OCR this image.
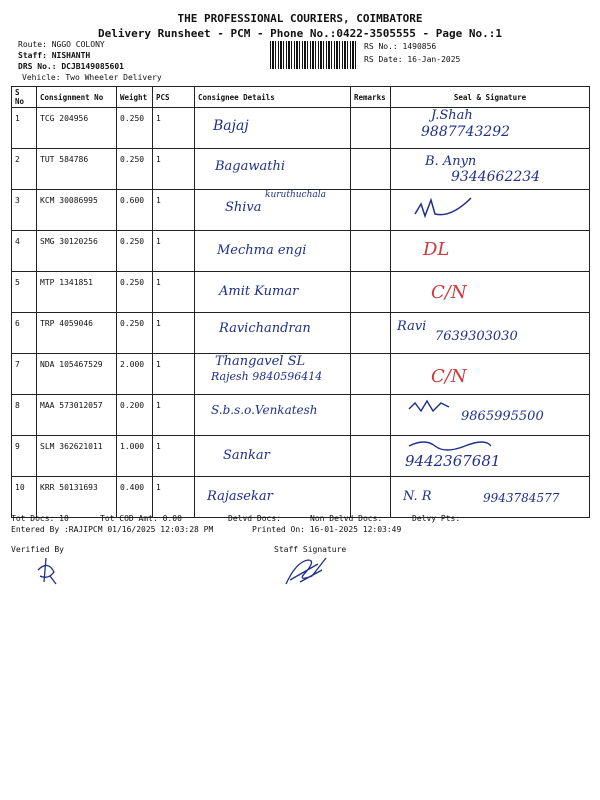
THE PROFESSIONAL COURIERS, COIMBATORE
Delivery Runsheet - PCM - Phone No.:0422-3505555 - Page No.:1
Route: NGGO COLONY
Staff: NISHANTH
DRS No.: DCJB149085601
Vehicle: Two Wheeler Delivery
RS No.: 1490856
RS Date: 16-Jan-2025
S No	Consignment No	Weight	PCS	Consignee Details	Remarks	Seal & Signature
1	TCG 204956	0.250	1	Bajaj		J.Shah
9887743292

2	TUT 584786	0.250	1	Bagawathi		B. Anyn
9344662234

3	KCM 30086995	0.600	1	kuruthuchala
Shiva

4	SMG 30120256	0.250	1	Mechma engi		DL

5	MTP 1341851	0.250	1	Amit Kumar		C/N

6	TRP 4059046	0.250	1	Ravichandran		Ravi
7639303030

7	NDA 105467529	2.000	1	Thangavel SL
Rajesh 9840596414		C/N

8	MAA 573012057	0.200	1	S.b.s.o.Venkatesh		9865995500

9	SLM 362621011	1.000	1	Sankar		9442367681

10	KRR 50131693	0.400	1	Rajasekar		N. R 9943784577
Tot Docs: 10	Tot COD Amt: 0.00	Delvd Docs:	Non Delvd Docs:	Delvy Pts:
Entered By :RAJIPCM 01/16/2025 12:03:28 PM	Printed On: 16-01-2025 12:03:49
Verified By	Staff Signature
